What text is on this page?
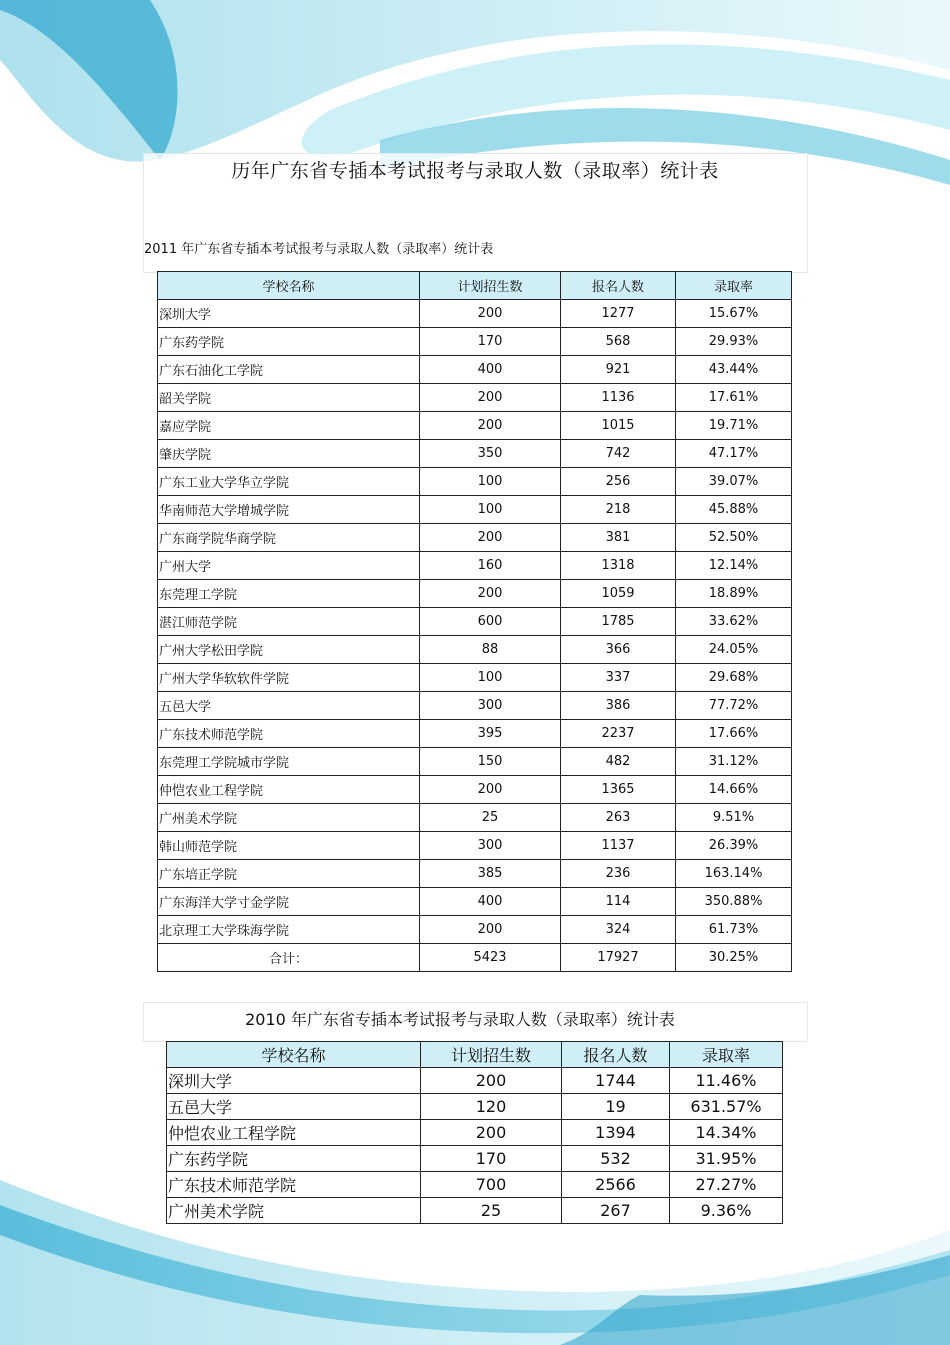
历年广东省专插本考试报考与录取人数（录取率）统计表
2011 年广东省专插本考试报考与录取人数（录取率）统计表
学校名称	计划招生数	报名人数	录取率
深圳大学	200	1277	15.67%
广东药学院	170	568	29.93%
广东石油化工学院	400	921	43.44%
韶关学院	200	1136	17.61%
嘉应学院	200	1015	19.71%
肇庆学院	350	742	47.17%
广东工业大学华立学院	100	256	39.07%
华南师范大学增城学院	100	218	45.88%
广东商学院华商学院	200	381	52.50%
广州大学	160	1318	12.14%
东莞理工学院	200	1059	18.89%
湛江师范学院	600	1785	33.62%
广州大学松田学院	88	366	24.05%
广州大学华软软件学院	100	337	29.68%
五邑大学	300	386	77.72%
广东技术师范学院	395	2237	17.66%
东莞理工学院城市学院	150	482	31.12%
仲恺农业工程学院	200	1365	14.66%
广州美术学院	25	263	9.51%
韩山师范学院	300	1137	26.39%
广东培正学院	385	236	163.14%
广东海洋大学寸金学院	400	114	350.88%
北京理工大学珠海学院	200	324	61.73%
合计：	5423	17927	30.25%
2010 年广东省专插本考试报考与录取人数（录取率）统计表
学校名称	计划招生数	报名人数	录取率
深圳大学	200	1744	11.46%
五邑大学	120	19	631.57%
仲恺农业工程学院	200	1394	14.34%
广东药学院	170	532	31.95%
广东技术师范学院	700	2566	27.27%
广州美术学院	25	267	9.36%
